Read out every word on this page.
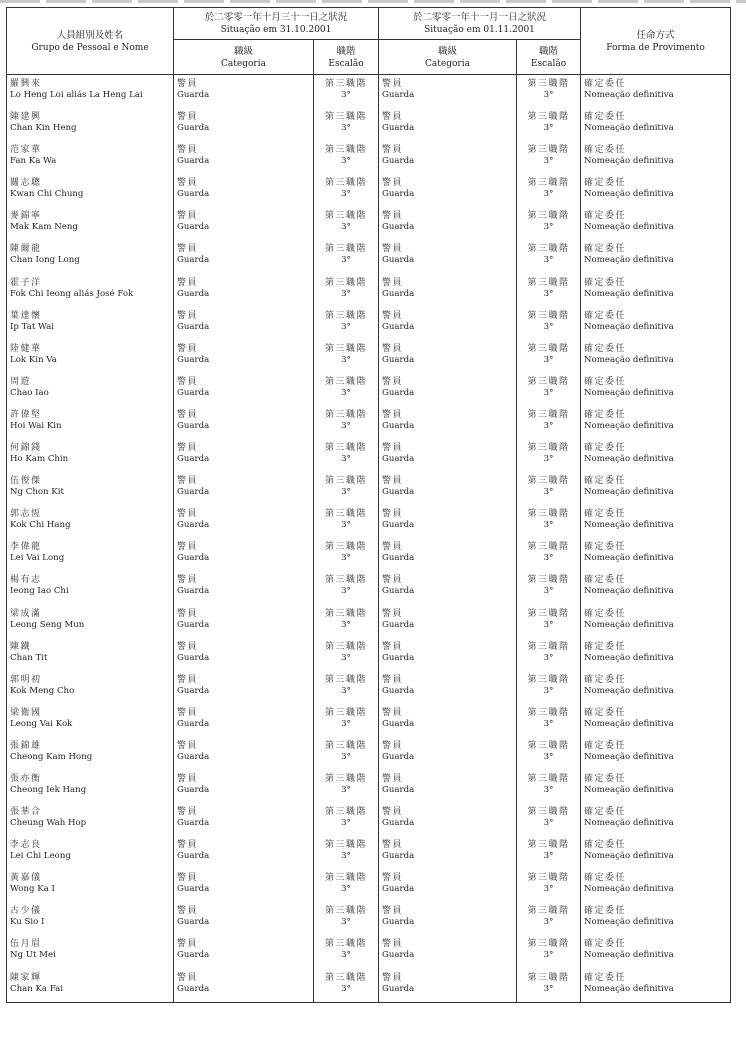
人員組別及姓名
Grupo de Pessoal e Nome	於二零零一年十月三十一日之狀況
Situação em 31.10.2001		於二零零一年十一月一日之狀況
Situação em 01.11.2001		任命方式
Forma de Provimento

	職級
Categoria	職階
Escalão	職級
Categoria	職階
Escalão	

羅興來
Lo Heng Loi aliás La Heng Lai	警員
Guarda	第三職階
3°	警員
Guarda	第三職階
3°	確定委任
Nomeação definitiva

陳建興
Chan Kin Heng	警員
Guarda	第三職階
3°	警員
Guarda	第三職階
3°	確定委任
Nomeação definitiva

范家華
Fan Ka Wa	警員
Guarda	第三職階
3°	警員
Guarda	第三職階
3°	確定委任
Nomeação definitiva

關志聰
Kwan Chi Chung	警員
Guarda	第三職階
3°	警員
Guarda	第三職階
3°	確定委任
Nomeação definitiva

麥錦寧
Mak Kam Neng	警員
Guarda	第三職階
3°	警員
Guarda	第三職階
3°	確定委任
Nomeação definitiva

陳爾龍
Chan Iong Long	警員
Guarda	第三職階
3°	警員
Guarda	第三職階
3°	確定委任
Nomeação definitiva

霍子洋
Fok Chi Ieong aliás José Fok	警員
Guarda	第三職階
3°	警員
Guarda	第三職階
3°	確定委任
Nomeação definitiva

葉達懷
Ip Tat Wai	警員
Guarda	第三職階
3°	警員
Guarda	第三職階
3°	確定委任
Nomeação definitiva

陸健華
Lok Kin Va	警員
Guarda	第三職階
3°	警員
Guarda	第三職階
3°	確定委任
Nomeação definitiva

周遊
Chao Iao	警員
Guarda	第三職階
3°	警員
Guarda	第三職階
3°	確定委任
Nomeação definitiva

許偉堅
Hoi Wai Kin	警員
Guarda	第三職階
3°	警員
Guarda	第三職階
3°	確定委任
Nomeação definitiva

何錦錢
Ho Kam Chin	警員
Guarda	第三職階
3°	警員
Guarda	第三職階
3°	確定委任
Nomeação definitiva

伍俊傑
Ng Chon Kit	警員
Guarda	第三職階
3°	警員
Guarda	第三職階
3°	確定委任
Nomeação definitiva

郭志恆
Kok Chi Hang	警員
Guarda	第三職階
3°	警員
Guarda	第三職階
3°	確定委任
Nomeação definitiva

李偉龍
Lei Vai Long	警員
Guarda	第三職階
3°	警員
Guarda	第三職階
3°	確定委任
Nomeação definitiva

楊有志
Ieong Iao Chi	警員
Guarda	第三職階
3°	警員
Guarda	第三職階
3°	確定委任
Nomeação definitiva

梁成滿
Leong Seng Mun	警員
Guarda	第三職階
3°	警員
Guarda	第三職階
3°	確定委任
Nomeação definitiva

陳鐵
Chan Tit	警員
Guarda	第三職階
3°	警員
Guarda	第三職階
3°	確定委任
Nomeação definitiva

郭明初
Kok Meng Cho	警員
Guarda	第三職階
3°	警員
Guarda	第三職階
3°	確定委任
Nomeação definitiva

梁衛國
Leong Vai Kok	警員
Guarda	第三職階
3°	警員
Guarda	第三職階
3°	確定委任
Nomeação definitiva

張錦雄
Cheong Kam Hong	警員
Guarda	第三職階
3°	警員
Guarda	第三職階
3°	確定委任
Nomeação definitiva

張亦衡
Cheong Iek Hang	警員
Guarda	第三職階
3°	警員
Guarda	第三職階
3°	確定委任
Nomeação definitiva

張華合
Cheung Wah Hop	警員
Guarda	第三職階
3°	警員
Guarda	第三職階
3°	確定委任
Nomeação definitiva

李志良
Lei Chi Leong	警員
Guarda	第三職階
3°	警員
Guarda	第三職階
3°	確定委任
Nomeação definitiva

黃嘉儀
Wong Ka I	警員
Guarda	第三職階
3°	警員
Guarda	第三職階
3°	確定委任
Nomeação definitiva

古少儀
Ku Sio I	警員
Guarda	第三職階
3°	警員
Guarda	第三職階
3°	確定委任
Nomeação definitiva

伍月眉
Ng Ut Mei	警員
Guarda	第三職階
3°	警員
Guarda	第三職階
3°	確定委任
Nomeação definitiva

陳家輝
Chan Ka Fai	警員
Guarda	第三職階
3°	警員
Guarda	第三職階
3°	確定委任
Nomeação definitiva
